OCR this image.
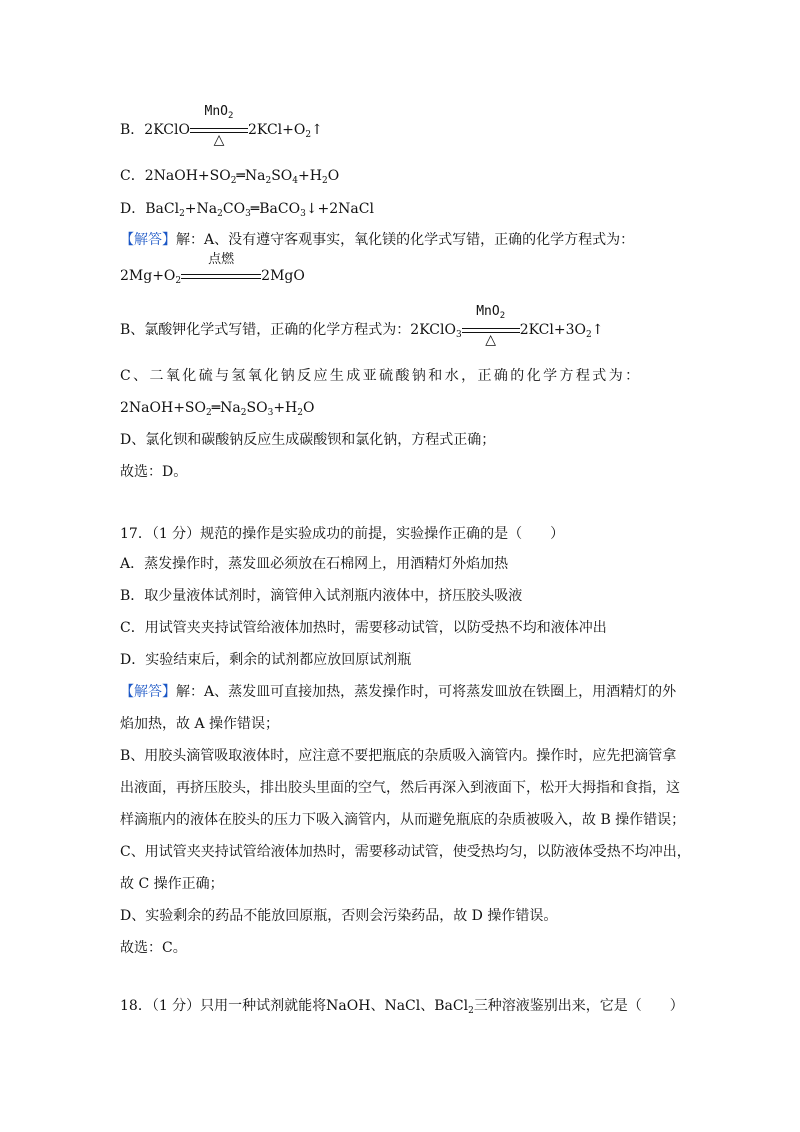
B．2KClO
MnO$_2$
△
$2KCl+O_2↑$
C．$2NaOH+SO_2═Na_2SO_4+H_2O$
D．$BaCl_2+Na_2CO_3═BaCO_3↓+2NaCl$
【解答】解：A、没有遵守客观事实，氧化镁的化学式写错，正确的化学方程式为：
$2Mg+O_2$
点燃
2MgO
B、氯酸钾化学式写错，正确的化学方程式为：2KClO$_3$
MnO$_2$
△
$2KCl+3O_2↑$
C、二氧化硫与氢氧化钠反应生成亚硫酸钠和水，正确的化学方程式为：
$2NaOH+SO_2═Na_2SO_3+H_2O$
D、氯化钡和碳酸钠反应生成碳酸钡和氯化钠，方程式正确；
故选：D。
17．（1 分）规范的操作是实验成功的前提，实验操作正确的是（　　）
A．蒸发操作时，蒸发皿必须放在石棉网上，用酒精灯外焰加热
B．取少量液体试剂时，滴管伸入试剂瓶内液体中，挤压胶头吸液
C．用试管夹夹持试管给液体加热时，需要移动试管，以防受热不均和液体冲出
D．实验结束后，剩余的试剂都应放回原试剂瓶
【解答】解：A、蒸发皿可直接加热，蒸发操作时，可将蒸发皿放在铁圈上，用酒精灯的外
焰加热，故 A 操作错误；
B、用胶头滴管吸取液体时，应注意不要把瓶底的杂质吸入滴管内。操作时，应先把滴管拿
出液面，再挤压胶头，排出胶头里面的空气，然后再深入到液面下，松开大拇指和食指，这
样滴瓶内的液体在胶头的压力下吸入滴管内，从而避免瓶底的杂质被吸入，故 B 操作错误；
C、用试管夹夹持试管给液体加热时，需要移动试管，使受热均匀，以防液体受热不均冲出，
故 C 操作正确；
D、实验剩余的药品不能放回原瓶，否则会污染药品，故 D 操作错误。
故选：C。
18．（1 分）只用一种试剂就能将NaOH、NaCl、BaCl$_2$三种溶液鉴别出来，它是（　　）
